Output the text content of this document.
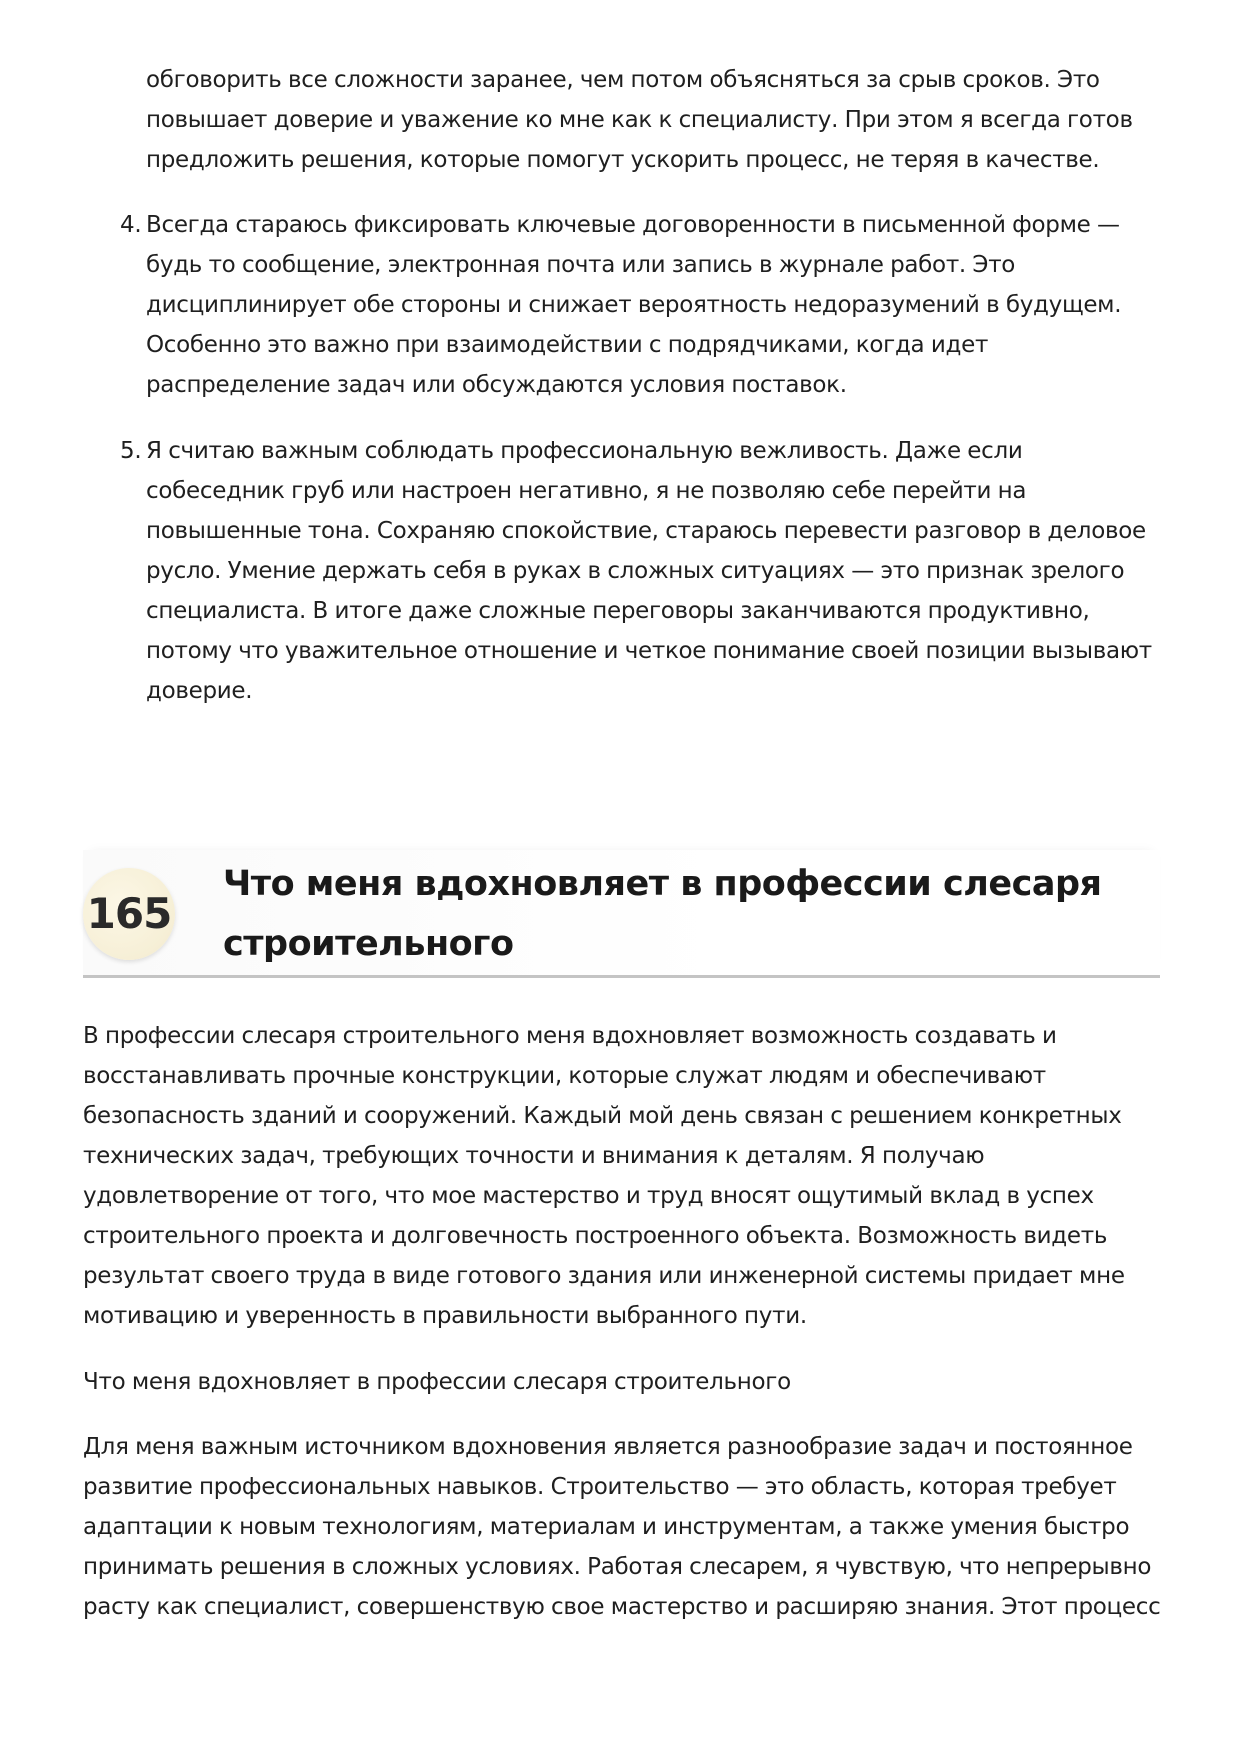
обговорить все сложности заранее, чем потом объясняться за срыв сроков. Это повышает доверие и уважение ко мне как к специалисту. При этом я всегда готов предложить решения, которые помогут ускорить процесс, не теряя в качестве.

4. Всегда стараюсь фиксировать ключевые договоренности в письменной форме — будь то сообщение, электронная почта или запись в журнале работ. Это дисциплинирует обе стороны и снижает вероятность недоразумений в будущем. Особенно это важно при взаимодействии с подрядчиками, когда идет распределение задач или обсуждаются условия поставок.
5. Я считаю важным соблюдать профессиональную вежливость. Даже если собеседник груб или настроен негативно, я не позволяю себе перейти на повышенные тона. Сохраняю спокойствие, стараюсь перевести разговор в деловое русло. Умение держать себя в руках в сложных ситуациях — это признак зрелого специалиста. В итоге даже сложные переговоры заканчиваются продуктивно, потому что уважительное отношение и четкое понимание своей позиции вызывают доверие.
165
Что меня вдохновляет в профессии слесаря строительного

В профессии слесаря строительного меня вдохновляет возможность создавать и восстанавливать прочные конструкции, которые служат людям и обеспечивают безопасность зданий и сооружений. Каждый мой день связан с решением конкретных технических задач, требующих точности и внимания к деталям. Я получаю удовлетворение от того, что мое мастерство и труд вносят ощутимый вклад в успех строительного проекта и долговечность построенного объекта. Возможность видеть результат своего труда в виде готового здания или инженерной системы придает мне мотивацию и уверенность в правильности выбранного пути.

Что меня вдохновляет в профессии слесаря строительного

Для меня важным источником вдохновения является разнообразие задач и постоянное развитие профессиональных навыков. Строительство — это область, которая требует адаптации к новым технологиям, материалам и инструментам, а также умения быстро принимать решения в сложных условиях. Работая слесарем, я чувствую, что непрерывно расту как специалист, совершенствую свое мастерство и расширяю знания. Этот процесс
